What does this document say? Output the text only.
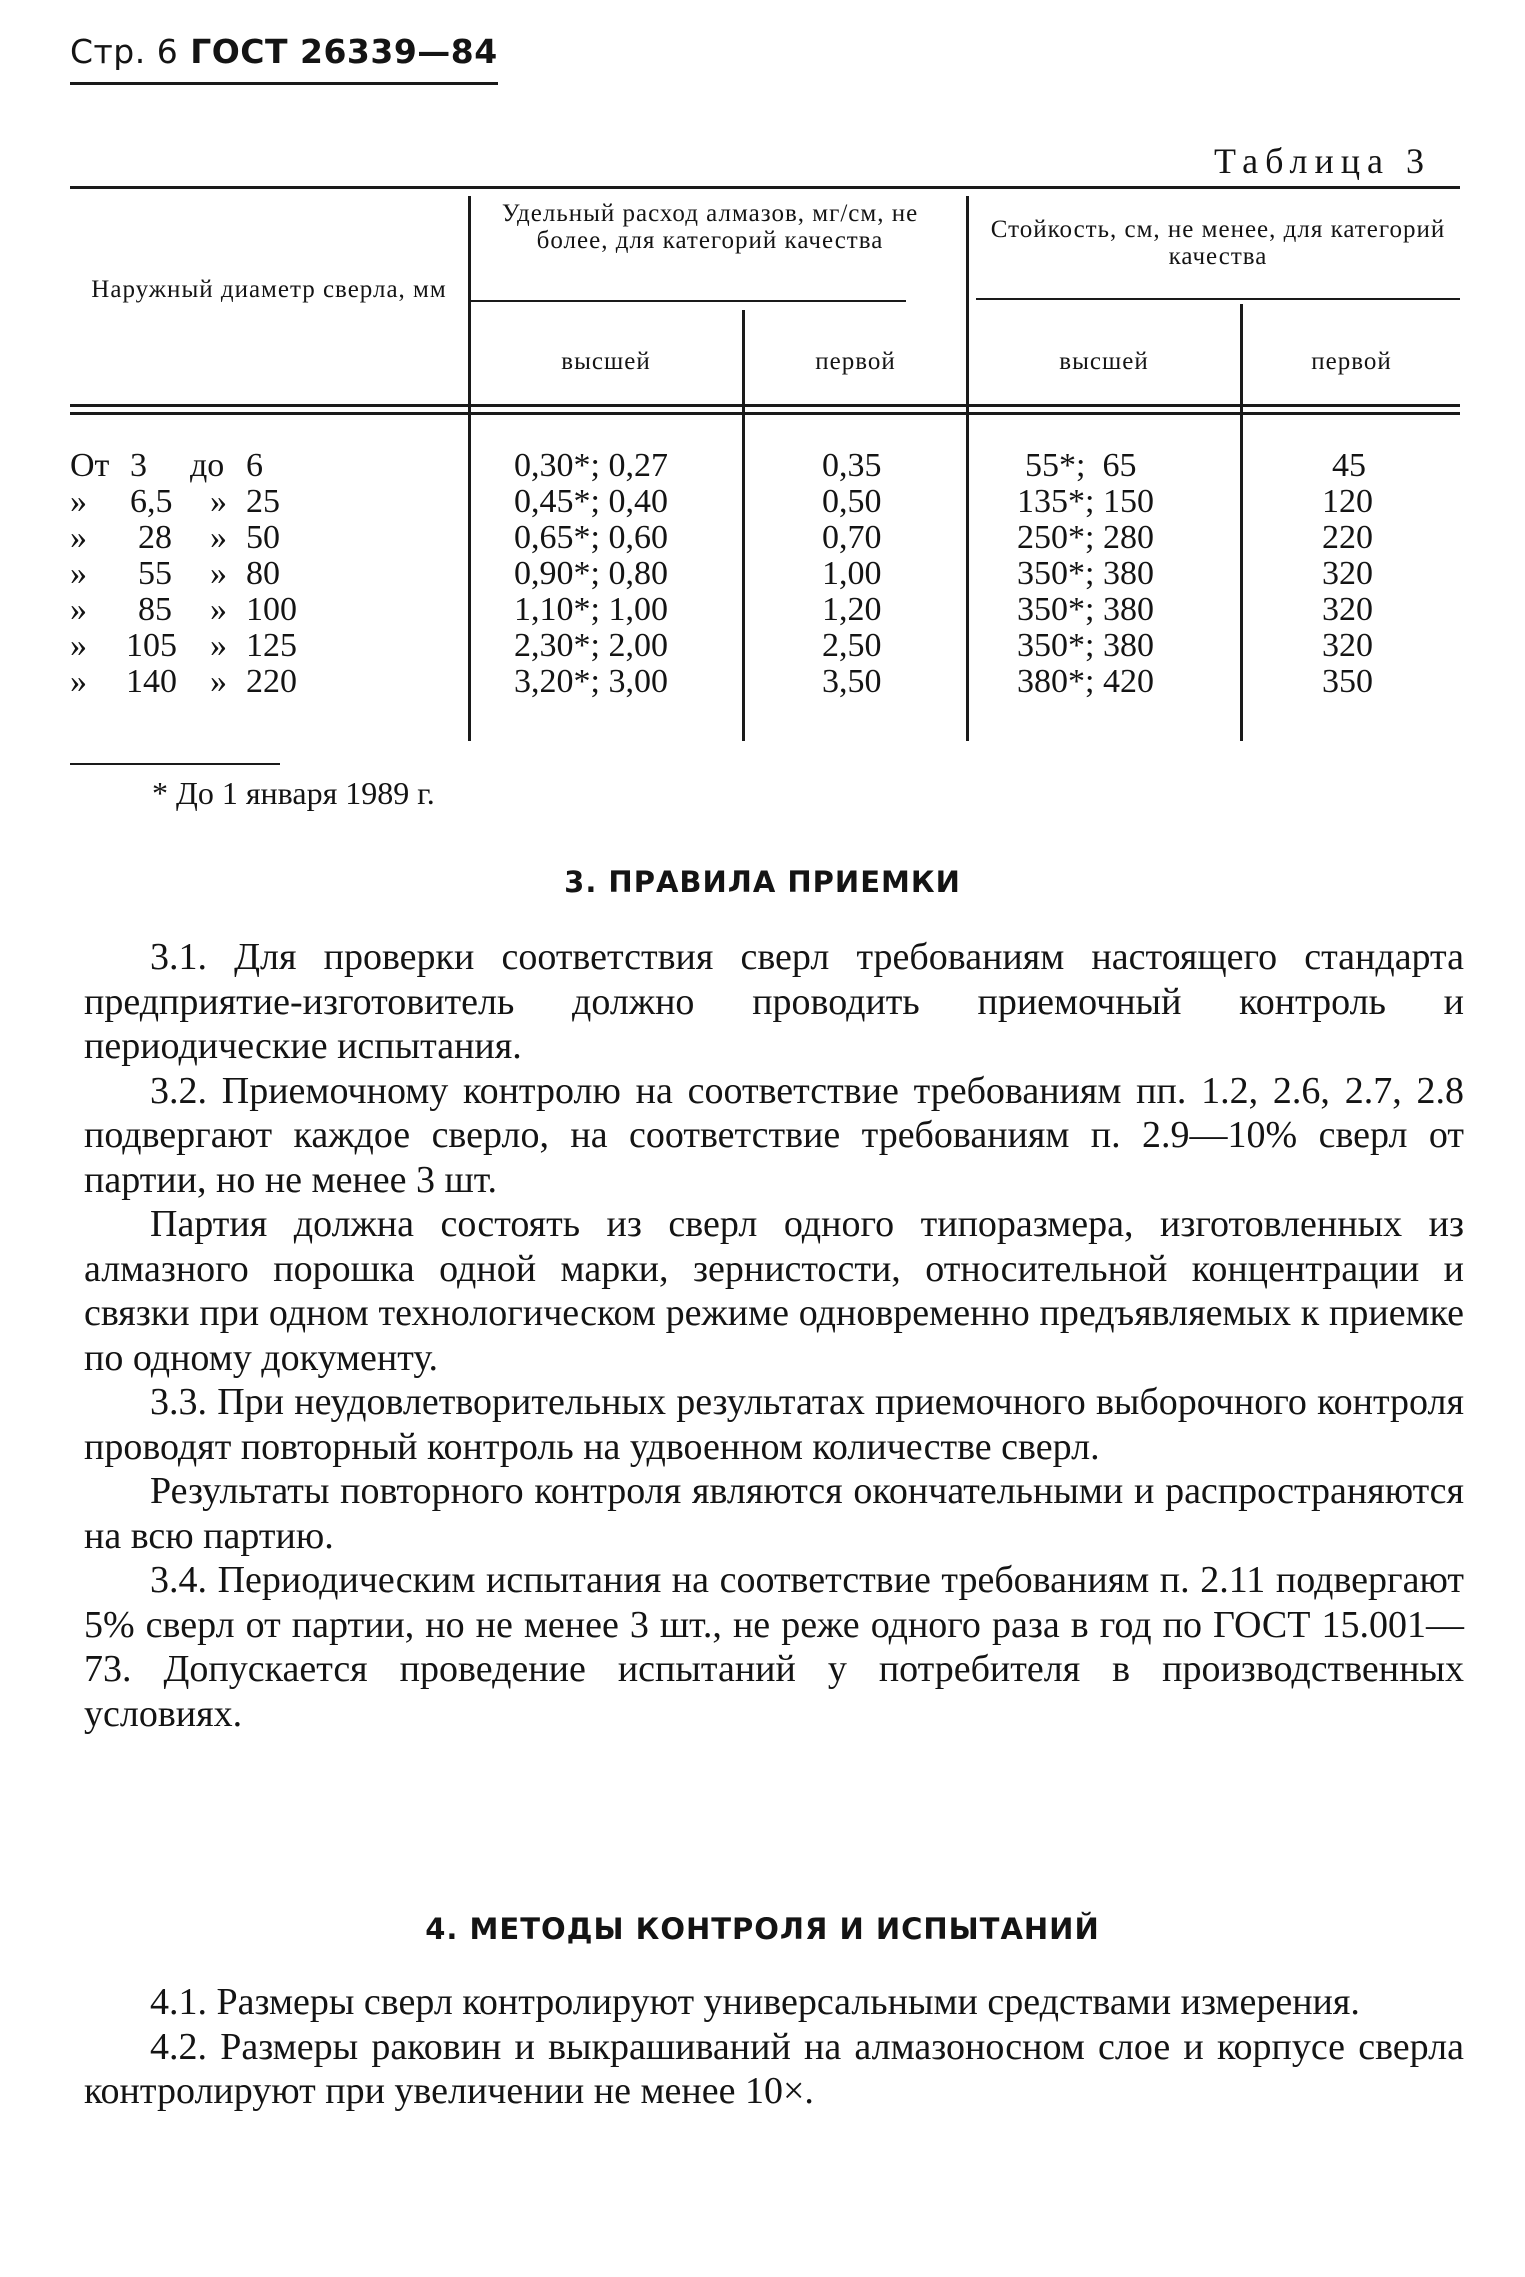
Стр. 6 ГОСТ 26339—84
Таблица 3
Наружный диаметр сверла, мм
Удельный расход алмазов, мг/см, не более, для категорий качества	Стойкость, см, не менее, для категорий качества
высшей	первой	высшей	первой
От 3 до 6	0,30*; 0,27	0,35	55*;  65	45
» 6,5 » 25	0,45*; 0,40	0,50	135*; 150	120
» 28 » 50	0,65*; 0,60	0,70	250*; 280	220
» 55 » 80	0,90*; 0,80	1,00	350*; 380	320
» 85 » 100	1,10*; 1,00	1,20	350*; 380	320
» 105 » 125	2,30*; 2,00	2,50	350*; 380	320
» 140 » 220	3,20*; 3,00	3,50	380*; 420	350
* До 1 января 1989 г.
3. ПРАВИЛА ПРИЕМКИ

3.1. Для проверки соответствия сверл требованиям настоящего стандарта предприятие-изготовитель должно проводить приемочный контроль и периодические испытания.

3.2. Приемочному контролю на соответствие требованиям пп. 1.2, 2.6, 2.7, 2.8 подвергают каждое сверло, на соответствие требованиям п. 2.9—10% сверл от партии, но не менее 3 шт.

Партия должна состоять из сверл одного типоразмера, изготовленных из алмазного порошка одной марки, зернистости, относительной концентрации и связки при одном технологическом режиме одновременно предъявляемых к приемке по одному документу.

3.3. При неудовлетворительных результатах приемочного выборочного контроля проводят повторный контроль на удвоенном количестве сверл.

Результаты повторного контроля являются окончательными и распространяются на всю партию.

3.4. Периодическим испытания на соответствие требованиям п. 2.11 подвергают 5% сверл от партии, но не менее 3 шт., не реже одного раза в год по ГОСТ 15.001—73. Допускается проведение испытаний у потребителя в производственных условиях.

4. МЕТОДЫ КОНТРОЛЯ И ИСПЫТАНИЙ

4.1. Размеры сверл контролируют универсальными средствами измерения.

4.2. Размеры раковин и выкрашиваний на алмазоносном слое и корпусе сверла контролируют при увеличении не менее 10×.
